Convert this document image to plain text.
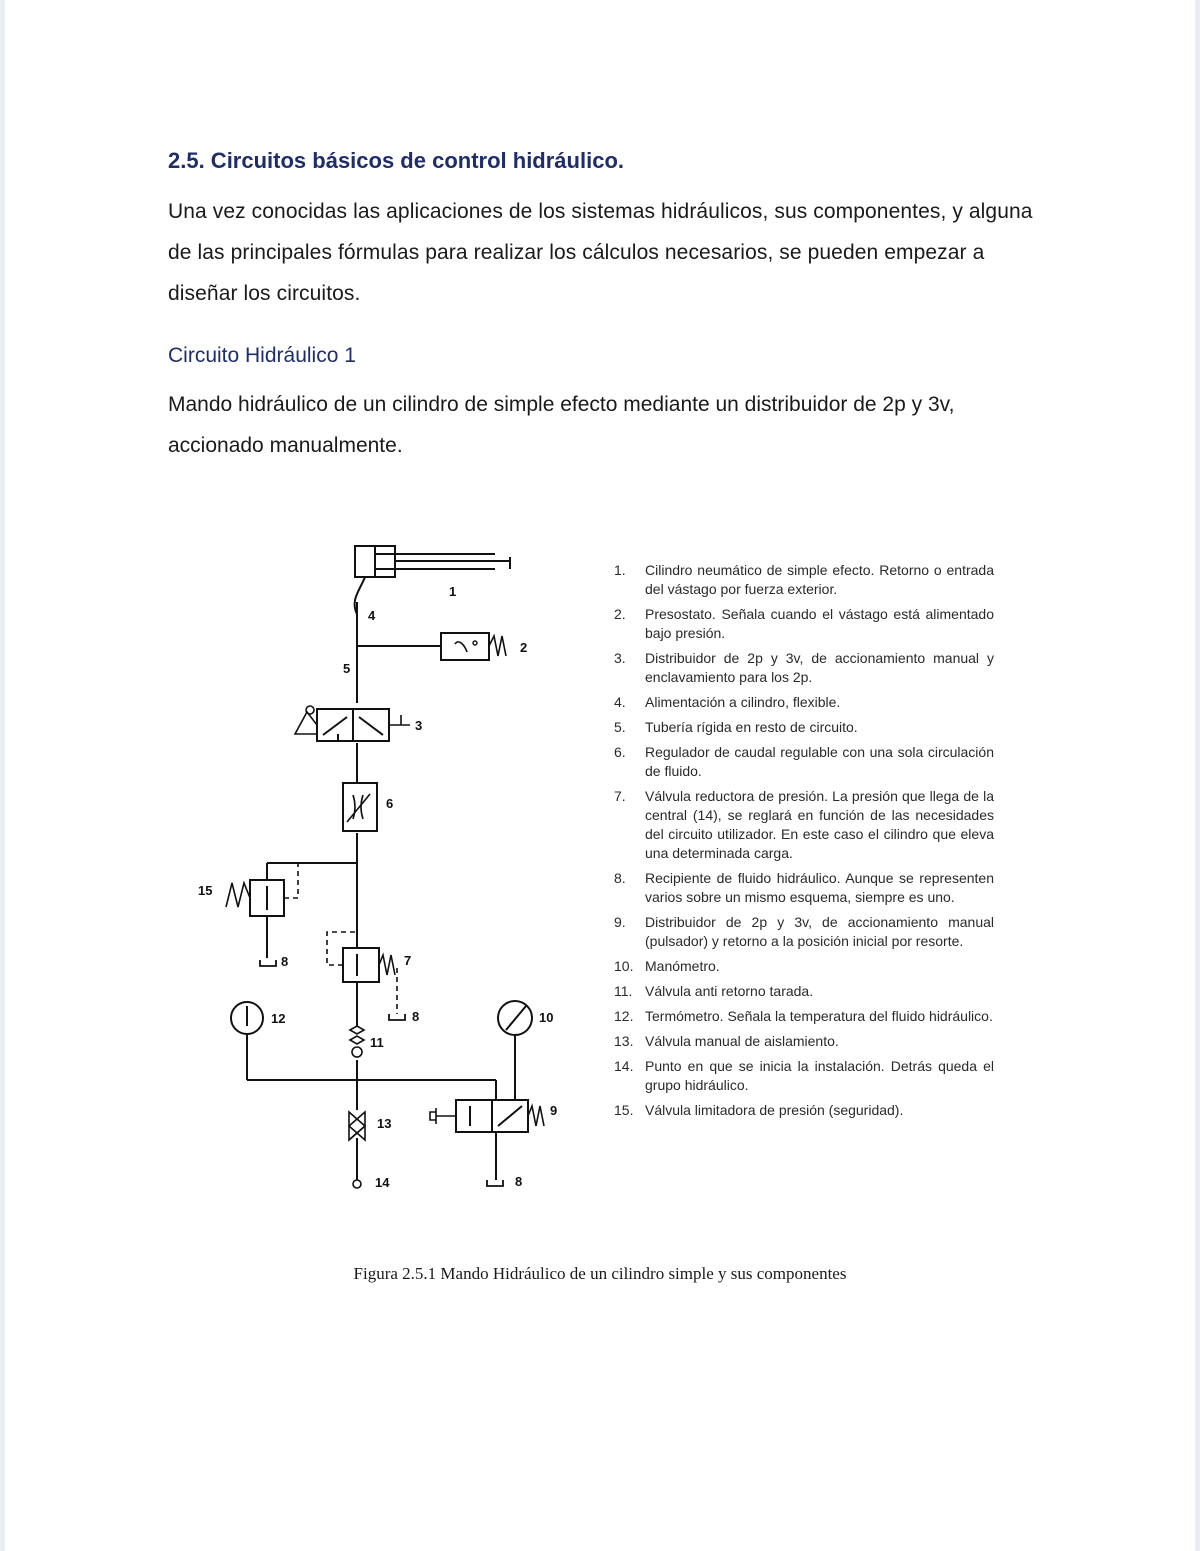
2.5. Circuitos básicos de control hidráulico.

Una vez conocidas las aplicaciones de los sistemas hidráulicos, sus componentes, y alguna de las principales fórmulas para realizar los cálculos necesarios, se pueden empezar a diseñar los circuitos.

Circuito Hidráulico 1

Mando hidráulico de un cilindro de simple efecto mediante un distribuidor de 2p y 3v, accionado manualmente.

1
2
3
4
5
6
7
8
8
8
9
10
11
12
13
14
15
1.	Cilindro neumático de simple efecto. Retorno o entrada del vástago por fuerza exterior.
2.	Presostato. Señala cuando el vástago está alimentado bajo presión.
3.	Distribuidor de 2p y 3v, de accionamiento manual y enclavamiento para los 2p.
4.	Alimentación a cilindro, flexible.
5.	Tubería rígida en resto de circuito.
6.	Regulador de caudal regulable con una sola circulación de fluido.
7.	Válvula reductora de presión. La presión que llega de la central (14), se reglará en función de las necesidades del circuito utilizador. En este caso el cilindro que eleva una determinada carga.
8.	Recipiente de fluido hidráulico. Aunque se representen varios sobre un mismo esquema, siempre es uno.
9.	Distribuidor de 2p y 3v, de accionamiento manual (pulsador) y retorno a la posición inicial por resorte.
10. Manómetro.
11. Válvula anti retorno tarada.
12. Termómetro. Señala la temperatura del fluido hidráulico.
13. Válvula manual de aislamiento.
14. Punto en que se inicia la instalación. Detrás queda el grupo hidráulico.
15. Válvula limitadora de presión (seguridad).

Figura 2.5.1 Mando Hidráulico de un cilindro simple y sus componentes
